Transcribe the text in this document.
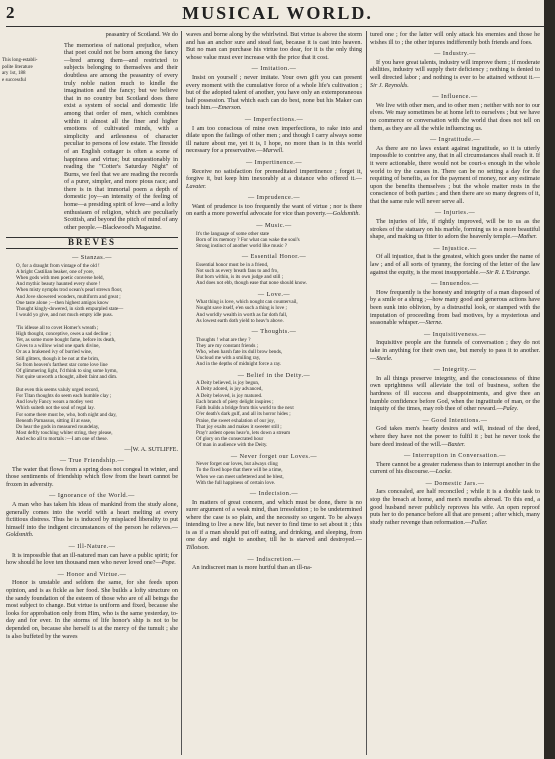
2	MUSICAL WORLD.

peasantry of Scotland. We do

The memoriess of national prejudice, when that poet could not be born among the fancy—bred among them—and restricted to subjects belonging to themselves and their doubtless are among the peasantry of every truly noble nation much to kindle the imagination and the fancy; but we believe that in no country but Scotland does there exist a system of social and domestic life among that order of men, which combines within it almost all the finer and higher emotions of cultivated minds, with a simplicity and artlessness of character peculiar to persons of low estate. The fireside of an English cottager is often a scene of happiness and virtue; but unquestionably in reading the "Cotter's Saturday Night" of Burns, we feel that we are reading the records of a purer, simpler, and more pious race; and there is in that immortal poem a depth of domestic joy—an intensity of the feeling of home—a presiding spirit of love—and a lofty enthusiasm of religion, which are peculiarly Scottish, and beyond the pitch of mind of any other people.—Blackwood's Magazine.

BREVES
— Stanzas.—
O, for a draught from vintage of the old !
A bright Castilian beaker, one of yore,
When gods with men poetic converse held,
And mythic beauty haunted every shore !
When misty nymphs trod ocean's pearl strewn floor,
And Jove showered wonders, multiform and great ;
One taste alone ;—then highest amigos know
Thought kingly-dowered, in sixth empurpled state—
I would yo give, and not much empty idle puss.

'Tis idlesse all to covet Homer's wreath ;
High thought, conceptive, owes a sad decline ;
Yet, as some more bought fame, before its death,
Gives to a willow wind one spark divine,
Or as a brakened ivy of burried wine,
Still glitters, though it be not at the brim,
So from heaven's farthest star come love line
Of glimmering light, I'd think to sing some hymn,
Not quite unworth a thought, albeit faint and dim.

But even this seems valuly urged record,
For Titan thoughts do seem each humble clay ;
And lowly Fancy wears a motley vest
Which suiteth not the soul of regal lay.
For some there must be, who, both night and day,
Beneath Parnassus, sitting ill at ease,
Do hear the gods in measured roundelay,
Most deftly touching whiter string, they please,
And echo all to mortals :—I am one of these.
—[W. A. SUTLIFFE.
— True Friendship.—

The water that flows from a spring does not congeal in winter, and those sentiments of friendship which flow from the heart cannot be frozen in adversity.

— Ignorance of the World.—

A man who has taken his ideas of mankind from the study alone, generally comes into the world with a heart melting at every fictitious distress. Thus he is induced by misplaced liberality to put himself into the indigent circumstances of the person he relieves.—Goldsmith.

— Ill-Nature.—

It is impossible that an ill-natured man can have a public spirit; for how should he love ten thousand men who never loved one?—Pope.

— Honor and Virtue.—

Honor is unstable and seldom the same, for she feeds upon opinion, and is as fickle as her food. She builds a lofty structure on the sandy foundation of the esteem of those who are of all beings the most subject to change. But virtue is uniform and fixed, because she looks for approbation only from Him, who is the same yesterday, to-day and for ever. In the storms of life honor's ship is not to be depended on, because she herself is at the mercy of the tumult ; she is also buffeted by the waves

This long-establi-
polite literature
ary 1st, 188
e successful

waves and borne along by the whirlwind. But virtue is above the storm and has an anchor sure and stead fast, because it is cast into heaven. But no man can purchase his virtue too dear, for it is the only thing whose value must ever increase with the price that it cost.

— Imitation.—

Insist on yourself ; never imitate. Your own gift you can present every moment with the cumulative force of a whole life's cultivation ; but of the adopted talent of another, you have only an extemporaneous half possession. That which each can do best, none but his Maker can teach him.—Emerson.

— Imperfections.—

I am too conscious of mine own imperfections, to rake into and dilate upon the failings of other men ; and though I carry always some ill nature about me, yet it is, I hope, no more than is in this world necessary for a preservative.—Marvell.

— Impertinence.—

Receive no satisfaction for premeditated impertinence ; forget it, forgive it, but keep him inexorably at a distance who offered it.—Lavater.

— Imprudence.—

Want of prudence is too frequently the want of virtue ; nor is there on earth a more powerful advocate for vice than poverty.—Goldsmith.

— Music.—
It's the language of some other state
Born of its memory ? For what can wake the soul's
Strong instinct of another world like music ?
— Essential Honor.—
Essential honor must be in a friend,
Not such as every breath fans to and fro,
But born within, is its own judge and still ;
And does not ebb, though ease that none should know.
— Love.—
What thing is love, which nought can countervail,
Nought save itself, e'en such a thing is love ;
And worldly wealth in worth as far doth fall,
As lowest earth doth yield to heav'n above.
— Thoughts.—
Thoughts ! what are they ?
They are my constant friends ;
Who, when harsh fate its dull brow bends,
Uncloud me with a smiling ray,
And in the depths of midnight force a ray.
— Belief in the Deity.—
A Deity believed, is joy begun,
A Deity adored, is joy advanced,
A Deity beloved, is joy matured.
Each branch of piety delight inspires ;
Faith builds a bridge from this world to the next
O'er death's dark gulf, and all its horror hides ;
Praise, the sweet exhalation of our joy,
That joy exalts and makes it sweeter still ;
Pray'r ardent opens heav'n, lets down a stream
Of glory on the consecrated hour
Of man in audience with the Deity.
— Never forget our Loves.—
Never forget our loves, but always cling
To the fixed hope that there will be a time,
When we can meet unfettered and be blest,
With the full happiness of certain love.
— Indecision.—

In matters of great concern, and which must be done, there is no surer argument of a weak mind, than irresolution ; to be undetermined where the case is so plain, and the necessity so urgent. To be always intending to live a new life, but never to find time to set about it ; this is as if a man should put off eating, and drinking, and sleeping, from one day and night to another, till he is starved and destroyed.—Tillotson.

— Indiscretion.—

An indiscreet man is more hurtful than an ill-na-

tured one ; for the latter will only attack his enemies and those he wishes ill to ; the other injures indifferently both friends and foes.

— Industry.—

If you have great talents, industry will improve them ; if moderate abilities, industry will supply their deficiency ; nothing is denied to well directed labor ; and nothing is ever to be attained without it.—Sir J. Reynolds.

— Influence.—

We live with other men, and to other men ; neither with nor to our elves. We may sometimes be at home left to ourselves ; but we have no commerce or conversation with the world that does not tell on them, as they are all the while influencing us.

— Ingratitude.—

As there are no laws extant against ingratitude, so it is utterly impossible to contrive any, that in all circumstances shall reach it. If it were actionable, there would not be court-s enough in the whole world to try the causes in. There can be no setting a day for the requiting of benefits, as for the payment of money, nor any estimate upon the benefits themselves ; but the whole matter rests in the conscience of both parties ; and then there are so many degrees of it, that the same rule will never serve all.

— Injuries.—

The injuries of life, if rightly improved, will be to us as the strokes of the statuary on his marble, forming us to a more beautiful shape, and making us fitter to adorn the heavenly temple.—Mather.

— Injustice.—

Of all injustice, that is the greatest, which goes under the name of law ; and of all sorts of tyranny, the forcing of the letter of the law against the equity, is the most insupportable.—Sir R. L'Estrange.

— Innuendos.—

How frequently is the honesty and integrity of a man disposed of by a smile or a shrug ;—how many good and generous actions have been sunk into oblivion, by a distrustful look, or stamped with the imputation of proceeding from bad motives, by a mysterious and seasonable whisper.—Sterne.

— Inquisitiveness.—

Inquisitive people are the funnels of conversation ; they do not take in anything for their own use, but merely to pass it to another.—Steele.

— Integrity.—

In all things preserve integrity, and the consciousness of thine own uprightness will alleviate the toil of business, soften the hardness of ill success and disappointments, and give thee an humble confidence before God, when the ingratitude of man, or the iniquity of the times, may rob thee of other reward.—Paley.

— Good Intentions.—

God takes men's hearty desires and will, instead of the deed, where they have not the power to fulfil it ; but he never took the bare deed instead of the will.—Baxter.

— Interruption in Conversation.—

There cannot be a greater rudeness than to interrupt another in the current of his discourse.—Locke.

— Domestic Jars.—

Jars concealed, are half reconciled ; while it is a double task to stop the breach at home, and men's mouths abroad. To this end, a good husband never publicly reproves his wife. An open reproof puts her to do penance before all that are present ; after which, many study rather revenge than reformation.—Fuller.
